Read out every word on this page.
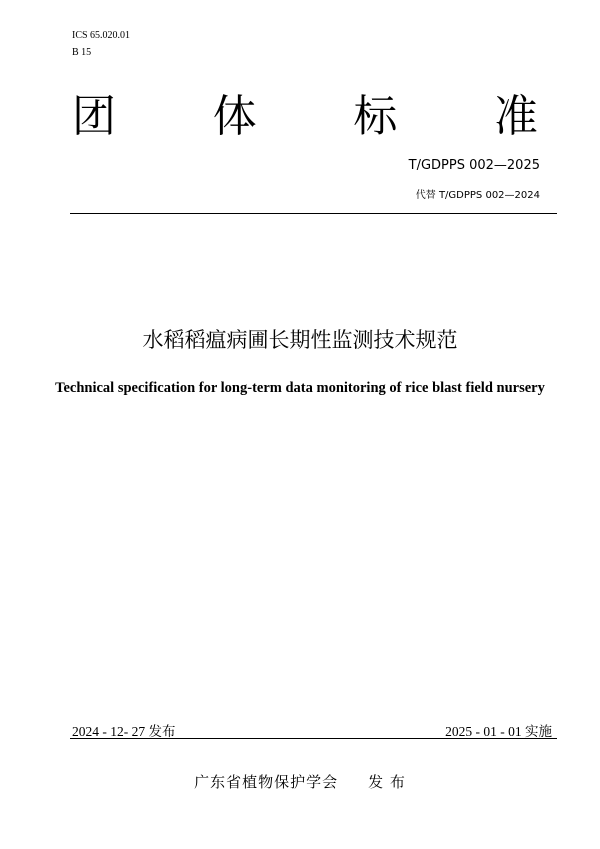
ICS 65.020.01
B 15
团 体 标 准
T/GDPPS 002—2025
代替 T/GDPPS 002—2024
水稻稻瘟病圃长期性监测技术规范
Technical specification for long-term data monitoring of rice blast field nursery
2024 - 12- 27 发布	2025 - 01 - 01 实施
广东省植物保护学会 发 布
